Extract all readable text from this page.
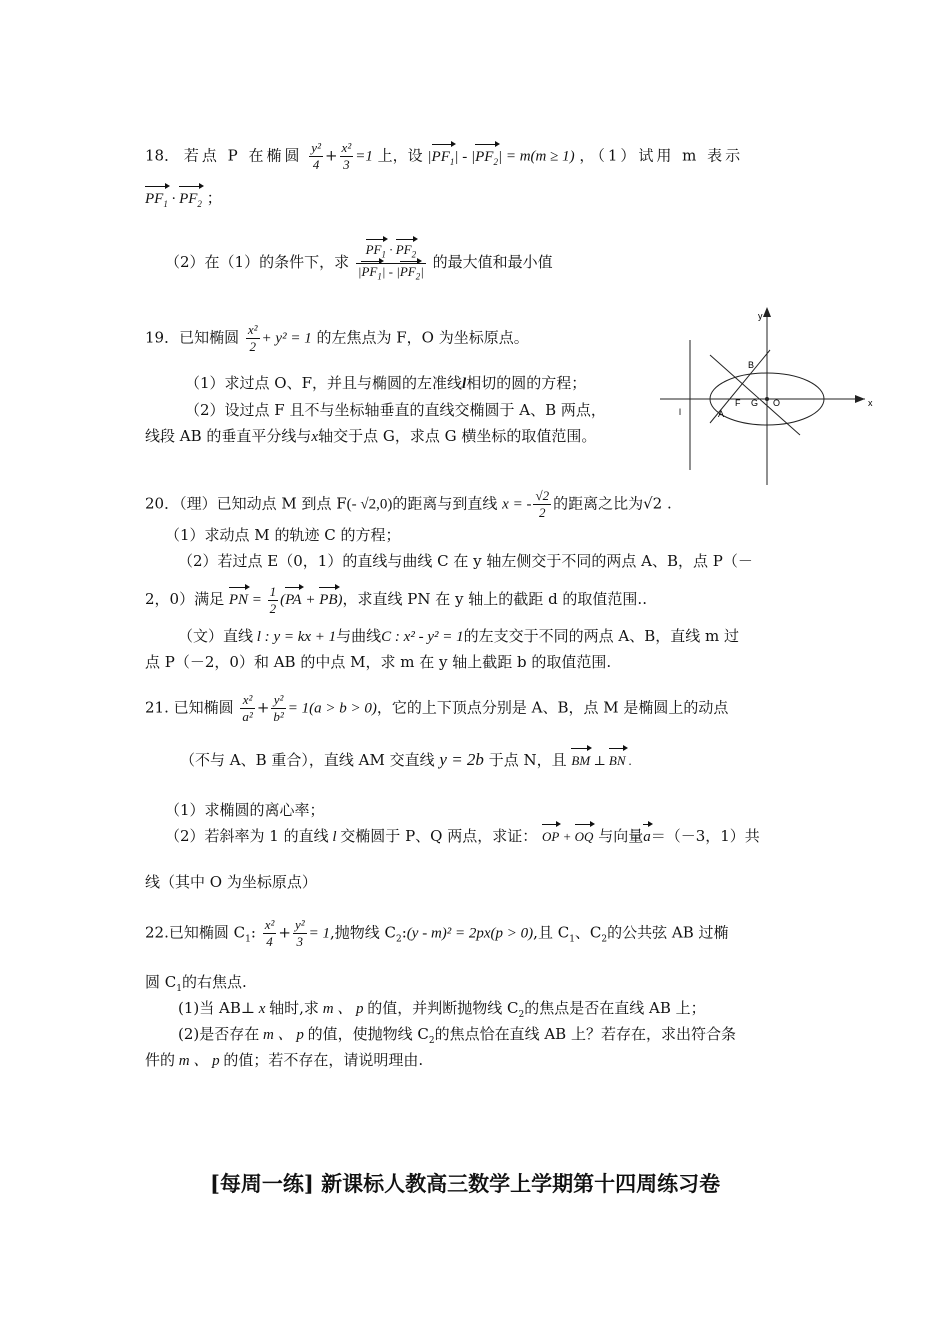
18． 若点 P 在椭圆 $\frac{\text{y²}}{4} + \frac{\text{x²}}{3} =1$ 上，设 $|PF_1| - |PF_2| = m(m \ge 1)$ ，（1）试用 m 表示
$PF_1 \cdot PF_2$ ；
（2）在（1）的条件下，求 $\frac{PF_1 \cdot PF_2}{|PF_1| - |PF_2|}$ 的最大值和最小值
19．已知椭圆 $\frac{\text{x²}}{2} + y^2 = 1$ 的左焦点为 F，O 为坐标原点。
（1）求过点 O、F，并且与椭圆的左准线l相切的圆的方程；
（2）设过点 F 且不与坐标轴垂直的直线交椭圆于 A、B 两点，
线段 AB 的垂直平分线与x轴交于点 G，求点 G 横坐标的取值范围。
y
x
B
F G O
A
l
20．（理）已知动点 M 到点 F(- √2,0)的距离与到直线 x = - $\frac{√2}{2}$ 的距离之比为√2 .
（1）求动点 M 的轨迹 C 的方程；
（2）若过点 E（0，1）的直线与曲线 C 在 y 轴左侧交于不同的两点 A、B，点 P（－
2，0）满足 PN = $\frac{1}{2} (PA + PB)$，求直线 PN 在 y 轴上的截距 d 的取值范围..
（文）直线 l : y = kx + 1与曲线C : x² - y² = 1的左支交于不同的两点 A、B，直线 m 过
点 P（－2，0）和 AB 的中点 M，求 m 在 y 轴上截距 b 的取值范围.
21. 已知椭圆 $\frac{\text{x²}}{\text{a²}} + \frac{\text{y²}}{\text{b²}} = 1(a > b > 0)$，它的上下顶点分别是 A、B，点 M 是椭圆上的动点
（不与 A、B 重合），直线 AM 交直线 y = 2b 于点 N，且 BM ⊥ BN .
（1）求椭圆的离心率；
（2）若斜率为 1 的直线 l 交椭圆于 P、Q 两点，求证： OP + OQ 与向量a＝（－3，1）共
线（其中 O 为坐标原点）
22.已知椭圆 $C_1$: $\frac{\text{x²}}{4} + \frac{\text{y²}}{3} = 1$,抛物线 $C_2:(y - m)^2 = 2px(p > 0)$,且 $C_1$、$C_2$的公共弦 AB 过椭
圆 $C_1$的右焦点.
(1)当 AB⊥ x 轴时,求 m 、 p 的值，并判断抛物线 $C_2$的焦点是否在直线 AB 上；
(2)是否存在 m 、 p 的值，使抛物线 $C_2$的焦点恰在直线 AB 上？若存在，求出符合条
件的 m 、 p 的值；若不存在，请说明理由.
[每周一练] 新课标人教高三数学上学期第十四周练习卷
